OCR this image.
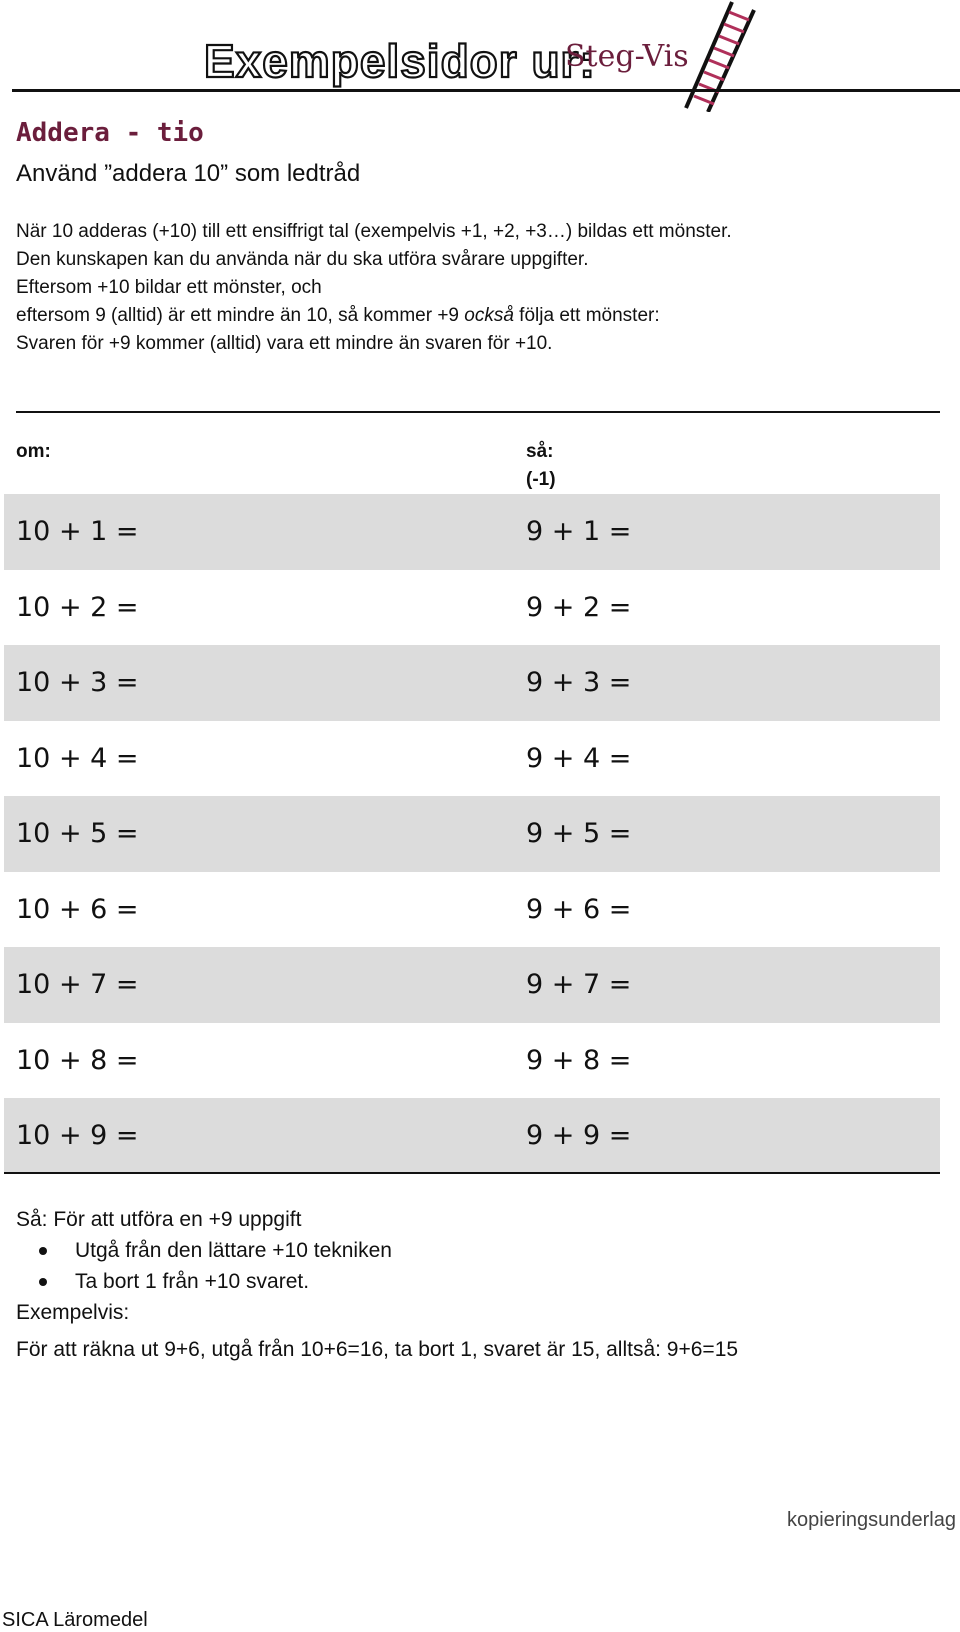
Exempelsidor ur:
Steg-Vis
Addera - tio
Använd ”addera 10” som ledtråd
När 10 adderas (+10) till ett ensiffrigt tal (exempelvis +1, +2, +3…) bildas ett mönster.
Den kunskapen kan du använda när du ska utföra svårare uppgifter.
Eftersom +10 bildar ett mönster, och
eftersom 9 (alltid) är ett mindre än 10, så kommer +9 också följa ett mönster:
Svaren för +9 kommer (alltid) vara ett mindre än svaren för +10.
om:	så:
(-1)
10 + 1 =	9 + 1 =
10 + 2 =	9 + 2 =
10 + 3 =	9 + 3 =
10 + 4 =	9 + 4 =
10 + 5 =	9 + 5 =
10 + 6 =	9 + 6 =
10 + 7 =	9 + 7 =
10 + 8 =	9 + 8 =
10 + 9 =	9 + 9 =
Så: För att utföra en +9 uppgift
Utgå från den lättare +10 tekniken
Ta bort 1 från +10 svaret.
Exempelvis:
För att räkna ut 9+6, utgå från 10+6=16, ta bort 1, svaret är 15, alltså: 9+6=15
kopieringsunderlag
SICA Läromedel
